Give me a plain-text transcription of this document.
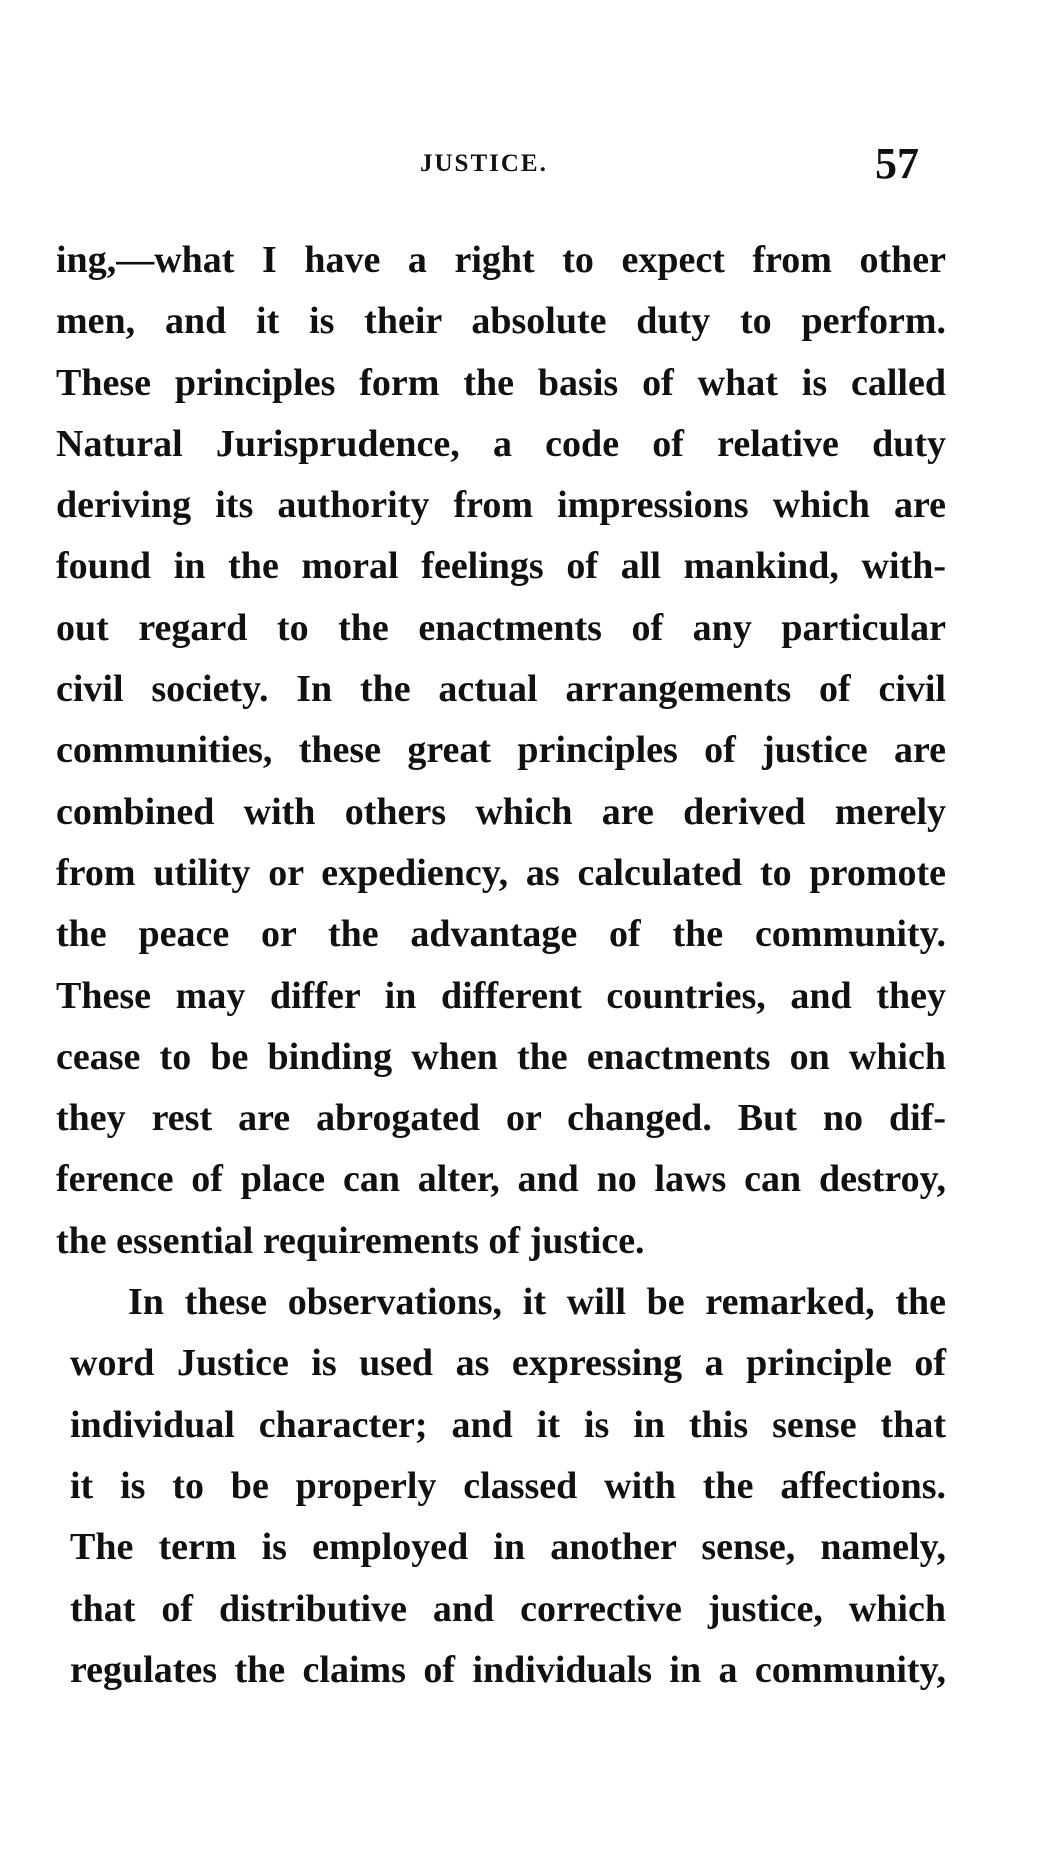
JUSTICE.	57
ing,—what I have a right to expect from other
men, and it is their absolute duty to perform.
These principles form the basis of what is called
Natural Jurisprudence, a code of relative duty
deriving its authority from impressions which are
found in the moral feelings of all mankind, with-
out regard to the enactments of any particular
civil society. In the actual arrangements of civil
communities, these great principles of justice are
combined with others which are derived merely
from utility or expediency, as calculated to promote
the peace or the advantage of the community.
These may differ in different countries, and they
cease to be binding when the enactments on which
they rest are abrogated or changed. But no dif-
ference of place can alter, and no laws can destroy,
the essential requirements of justice.
In these observations, it will be remarked, the
word Justice is used as expressing a principle of
individual character; and it is in this sense that
it is to be properly classed with the affections.
The term is employed in another sense, namely,
that of distributive and corrective justice, which
regulates the claims of individuals in a community,
